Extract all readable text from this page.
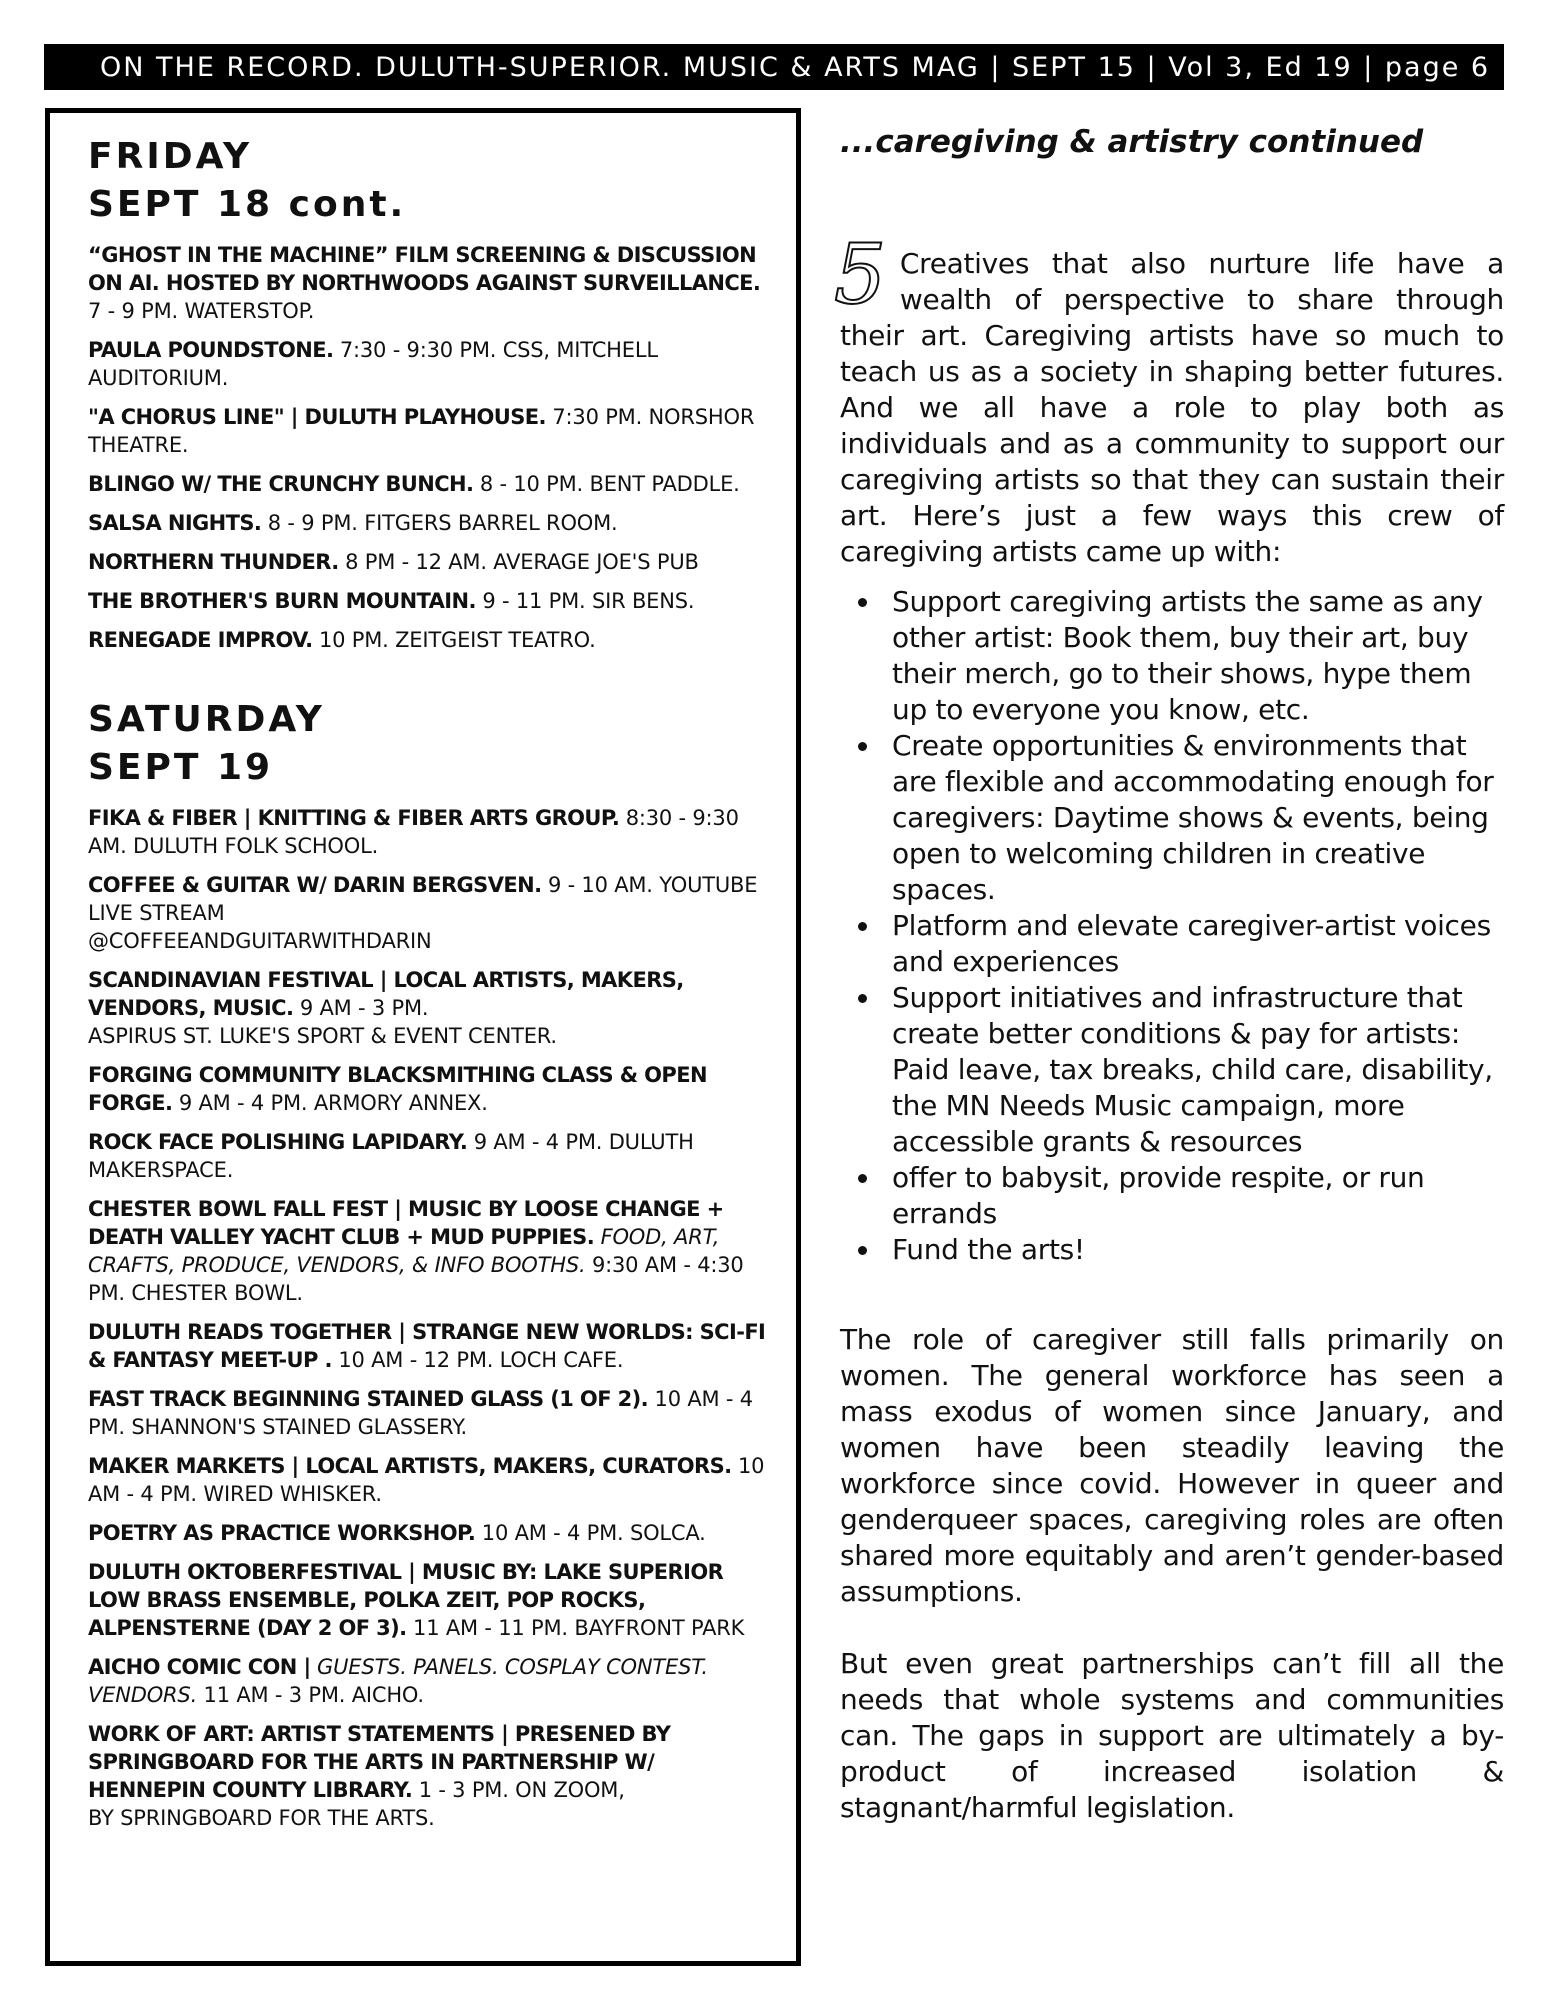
ON THE RECORD. DULUTH-SUPERIOR. MUSIC & ARTS MAG | SEPT 15 | Vol 3, Ed 19 | page 6
FRIDAY
SEPT 18 cont.
“GHOST IN THE MACHINE” FILM SCREENING & DISCUSSION ON AI. HOSTED BY NORTHWOODS AGAINST SURVEILLANCE. 7 - 9 PM. WATERSTOP.
PAULA POUNDSTONE. 7:30 - 9:30 PM. CSS, MITCHELL AUDITORIUM.
"A CHORUS LINE" | DULUTH PLAYHOUSE. 7:30 PM. NORSHOR THEATRE.
BLINGO W/ THE CRUNCHY BUNCH. 8 - 10 PM. BENT PADDLE.
SALSA NIGHTS. 8 - 9 PM. FITGERS BARREL ROOM.
NORTHERN THUNDER. 8 PM - 12 AM. AVERAGE JOE'S PUB
THE BROTHER'S BURN MOUNTAIN. 9 - 11 PM. SIR BENS.
RENEGADE IMPROV. 10 PM. ZEITGEIST TEATRO.
SATURDAY
SEPT 19
FIKA & FIBER | KNITTING & FIBER ARTS GROUP. 8:30 - 9:30 AM. DULUTH FOLK SCHOOL.
COFFEE & GUITAR W/ DARIN BERGSVEN. 9 - 10 AM. YOUTUBE LIVE STREAM
@COFFEEANDGUITARWITHDARIN
SCANDINAVIAN FESTIVAL | LOCAL ARTISTS, MAKERS, VENDORS, MUSIC. 9 AM - 3 PM.
ASPIRUS ST. LUKE'S SPORT & EVENT CENTER.
FORGING COMMUNITY BLACKSMITHING CLASS & OPEN FORGE. 9 AM - 4 PM. ARMORY ANNEX.
ROCK FACE POLISHING LAPIDARY. 9 AM - 4 PM. DULUTH MAKERSPACE.
CHESTER BOWL FALL FEST | MUSIC BY LOOSE CHANGE + DEATH VALLEY YACHT CLUB + MUD PUPPIES. FOOD, ART, CRAFTS, PRODUCE, VENDORS, & INFO BOOTHS. 9:30 AM - 4:30 PM. CHESTER BOWL.
DULUTH READS TOGETHER | STRANGE NEW WORLDS: SCI-FI & FANTASY MEET-UP . 10 AM - 12 PM. LOCH CAFE.
FAST TRACK BEGINNING STAINED GLASS (1 OF 2). 10 AM - 4 PM. SHANNON'S STAINED GLASSERY.
MAKER MARKETS | LOCAL ARTISTS, MAKERS, CURATORS. 10 AM - 4 PM. WIRED WHISKER.
POETRY AS PRACTICE WORKSHOP. 10 AM - 4 PM. SOLCA.
DULUTH OKTOBERFESTIVAL | MUSIC BY: LAKE SUPERIOR LOW BRASS ENSEMBLE, POLKA ZEIT, POP ROCKS, ALPENSTERNE (DAY 2 OF 3). 11 AM - 11 PM. BAYFRONT PARK
AICHO COMIC CON | GUESTS. PANELS. COSPLAY CONTEST. VENDORS. 11 AM - 3 PM. AICHO.
WORK OF ART: ARTIST STATEMENTS | PRESENED BY SPRINGBOARD FOR THE ARTS IN PARTNERSHIP W/ HENNEPIN COUNTY LIBRARY. 1 - 3 PM. ON ZOOM,
BY SPRINGBOARD FOR THE ARTS.
...caregiving & artistry continued

5 Creatives that also nurture life have a wealth of perspective to share through their art. Caregiving artists have so much to teach us as a society in shaping better futures. And we all have a role to play both as individuals and as a community to support our caregiving artists so that they can sustain their art. Here’s just a few ways this crew of caregiving artists came up with:

Support caregiving artists the same as any other artist: Book them, buy their art, buy their merch, go to their shows, hype them up to everyone you know, etc.
Create opportunities & environments that are flexible and accommodating enough for caregivers: Daytime shows & events, being open to welcoming children in creative spaces.
Platform and elevate caregiver-artist voices and experiences
Support initiatives and infrastructure that create better conditions & pay for artists: Paid leave, tax breaks, child care, disability, the MN Needs Music campaign, more accessible grants & resources
offer to babysit, provide respite, or run errands
Fund the arts!

The role of caregiver still falls primarily on women. The general workforce has seen a mass exodus of women since January, and women have been steadily leaving the workforce since covid. However in queer and genderqueer spaces, caregiving roles are often shared more equitably and aren’t gender-based assumptions.

But even great partnerships can’t fill all the needs that whole systems and communities can. The gaps in support are ultimately a by-product of increased isolation & stagnant/harmful legislation.
